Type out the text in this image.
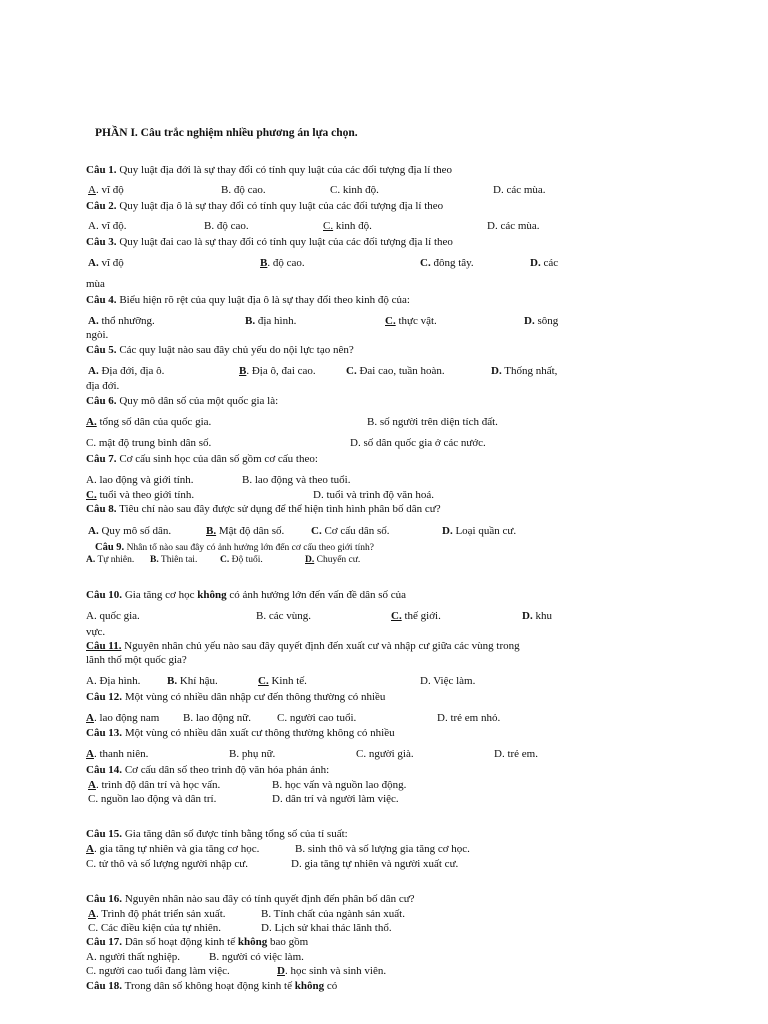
PHẦN I. Câu trắc nghiệm nhiều phương án lựa chọn.
Câu 1. Quy luật địa đới là sự thay đổi có tính quy luật của các đối tượng địa lí theo
A. vĩ độ	B. độ cao.	C. kinh độ.	D. các mùa.
Câu 2. Quy luật địa ô là sự thay đổi có tính quy luật của các đối tượng địa lí theo
A. vĩ độ.	B. độ cao.	C. kinh độ.	D. các mùa.
Câu 3. Quy luật đai cao là sự thay đổi có tính quy luật của các đối tượng địa lí theo
A. vĩ độ	B. độ cao.	C. đông tây.	D. các
mùa
Câu 4. Biểu hiện rõ rệt của quy luật địa ô là sự thay đổi theo kinh độ của:
A. thổ nhưỡng.	B. địa hình.	C. thực vật.	D. sông
ngòi.
Câu 5. Các quy luật nào sau đây chủ yếu do nội lực tạo nên?
A. Địa đới, địa ô.	B. Địa ô, đai cao.	C. Đai cao, tuần hoàn.	D. Thống nhất,
địa đới.
Câu 6. Quy mô dân số của một quốc gia là:
A. tổng số dân của quốc gia.	B. số người trên diện tích đất.
C. mật độ trung bình dân số.	D. số dân quốc gia ở các nước.
Câu 7. Cơ cấu sinh học của dân số gồm cơ cấu theo:
A. lao động và giới tính.	B. lao động và theo tuổi.
C. tuổi và theo giới tính.	D. tuổi và trình độ văn hoá.
Câu 8. Tiêu chí nào sau đây được sử dụng để thể hiện tình hình phân bố dân cư?
A. Quy mô số dân.	B. Mật độ dân số. C. Cơ cấu dân số.	D. Loại quần cư.
Câu 9. Nhân tố nào sau đây có ảnh hưởng lớn đến cơ cấu theo giới tính?
A. Tự nhiên. B. Thiên tai. C. Độ tuổi.	D. Chuyển cư.
Câu 10. Gia tăng cơ học không có ảnh hưởng lớn đến vấn đề dân số của
A. quốc gia.	B. các vùng.	C. thế giới.	D. khu
vực.
Câu 11. Nguyên nhân chủ yếu nào sau đây quyết định đến xuất cư và nhập cư giữa các vùng trong
lãnh thổ một quốc gia?
A. Địa hình. B. Khí hậu.	C. Kinh tế.	D. Việc làm.
Câu 12. Một vùng có nhiều dân nhập cư đến thông thường có nhiều
A. lao động nam B. lao động nữ. C. người cao tuổi.	D. trẻ em nhỏ.
Câu 13. Một vùng có nhiều dân xuất cư thông thường không có nhiều
A. thanh niên.	B. phụ nữ.	C. người già.	D. trẻ em.
Câu 14. Cơ cấu dân số theo trình độ văn hóa phản ánh:
A. trình độ dân trí và học vấn.	B. học vấn và nguồn lao động.
C. nguồn lao động và dân trí.	D. dân trí và người làm việc.
Câu 15. Gia tăng dân số được tính bằng tổng số của tỉ suất:
A. gia tăng tự nhiên và gia tăng cơ học.	B. sinh thô và số lượng gia tăng cơ học.
C. tử thô và số lượng người nhập cư.	D. gia tăng tự nhiên và người xuất cư.
Câu 16. Nguyên nhân nào sau đây có tính quyết định đến phân bố dân cư?
A. Trình độ phát triển sản xuất.	B. Tính chất của ngành sản xuất.
C. Các điều kiện của tự nhiên.	D. Lịch sử khai thác lãnh thổ.
Câu 17. Dân số hoạt động kinh tế không bao gồm
A. người thất nghiệp.	B. người có việc làm.
C. người cao tuổi đang làm việc.	D. học sinh và sinh viên.
Câu 18. Trong dân số không hoạt động kinh tế không có
